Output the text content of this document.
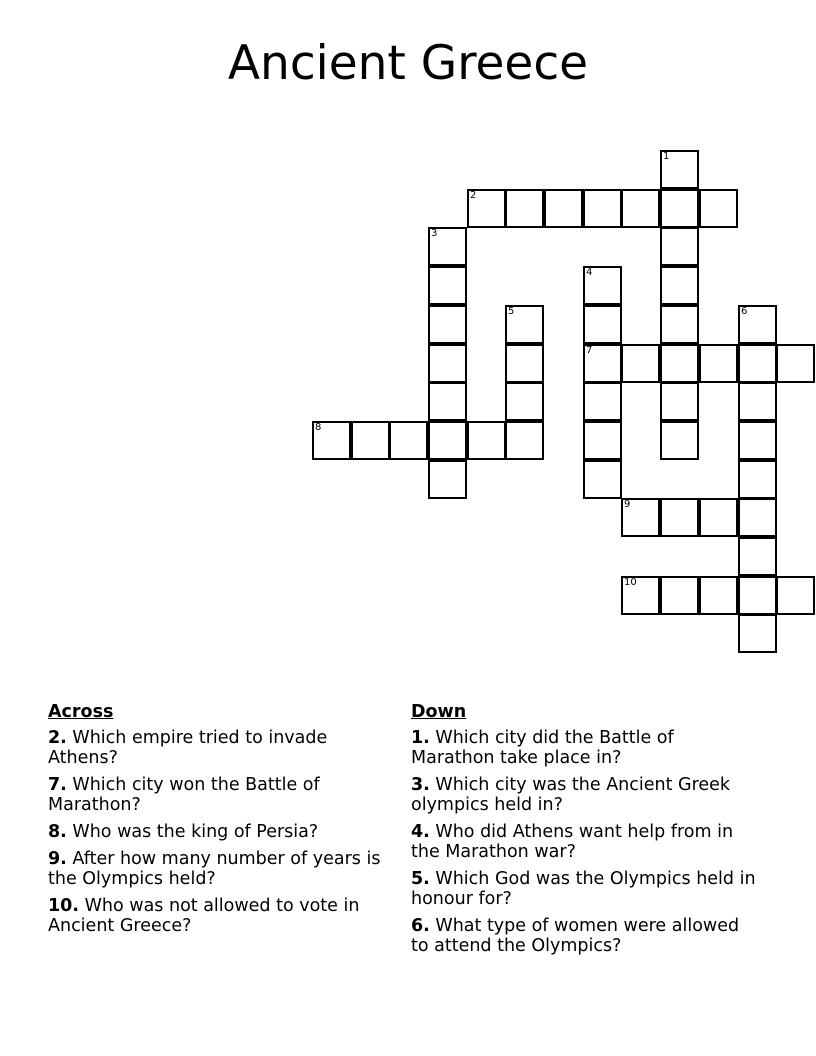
Ancient Greece
1
2
3
4
7
5	6
8
9
10
Across
2. Which empire tried to invade Athens?
7. Which city won the Battle of Marathon?
8. Who was the king of Persia?
9. After how many number of years is the Olympics held?
10. Who was not allowed to vote in Ancient Greece?
Down
1. Which city did the Battle of Marathon take place in?
3. Which city was the Ancient Greek olympics held in?
4. Who did Athens want help from in the Marathon war?
5. Which God was the Olympics held in honour for?
6. What type of women were allowed to attend the Olympics?
